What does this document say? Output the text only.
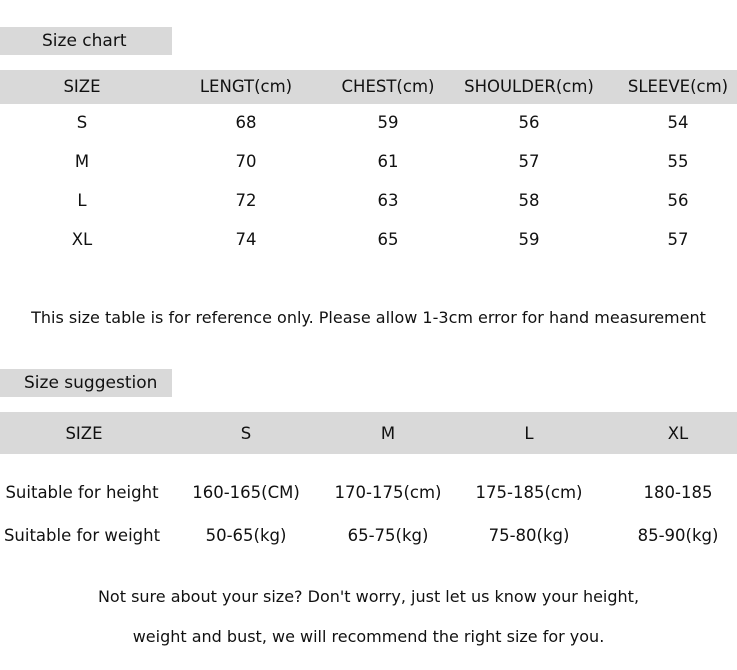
Size chart
SIZE	LENGT(cm)	CHEST(cm) SHOULDER(cm) SLEEVE(cm)
S	68	59	56	54
M	70	61	57	55
L	72	63	58	56
XL	74	65	59	57
This size table is for reference only. Please allow 1-3cm error for hand measurement
Size suggestion
SIZE	S	M	L	XL
Suitable for height 160-165(CM) 170-175(cm) 175-185(cm)	180-185
Suitable for weight	50-65(kg)	65-75(kg)	75-80(kg)	85-90(kg)
Not sure about your size? Don't worry, just let us know your height,
weight and bust, we will recommend the right size for you.
